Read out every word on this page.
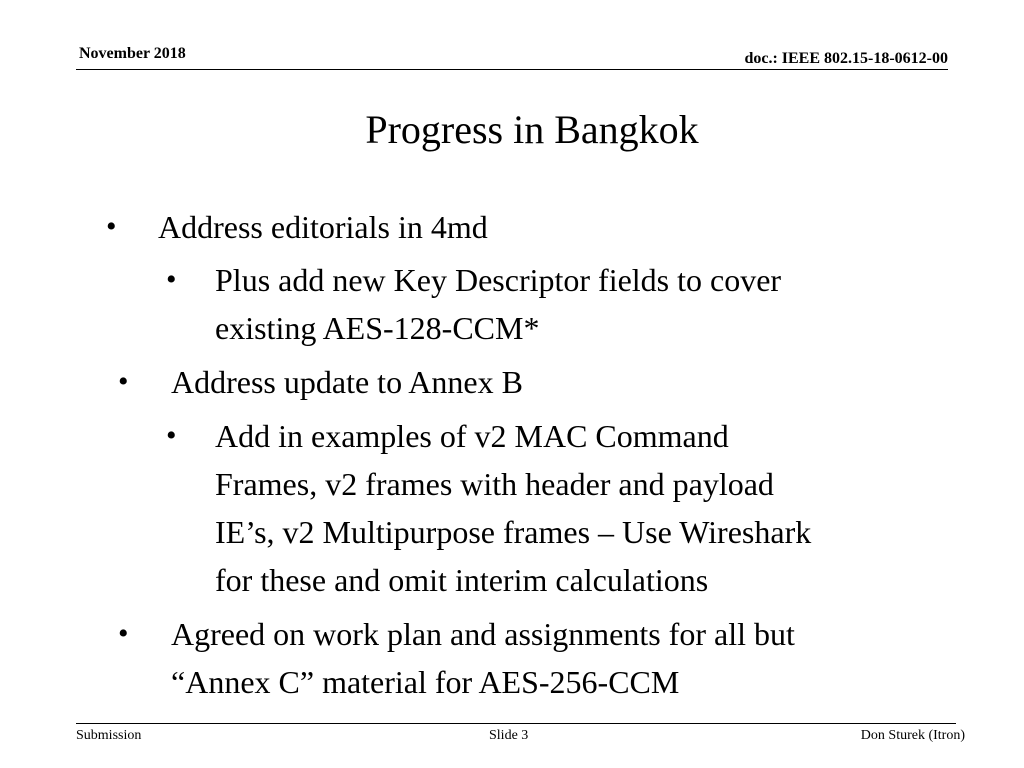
November 2018	doc.: IEEE 802.15-18-0612-00
Progress in Bangkok
• Address editorials in 4md
• Plus add new Key Descriptor fields to cover
existing AES-128-CCM*
• Address update to Annex B
• Add in examples of v2 MAC Command
Frames, v2 frames with header and payload
IE’s, v2 Multipurpose frames – Use Wireshark
for these and omit interim calculations
• Agreed on work plan and assignments for all but
“Annex C” material for AES-256-CCM
Submission	Slide 3	Don Sturek (Itron)
